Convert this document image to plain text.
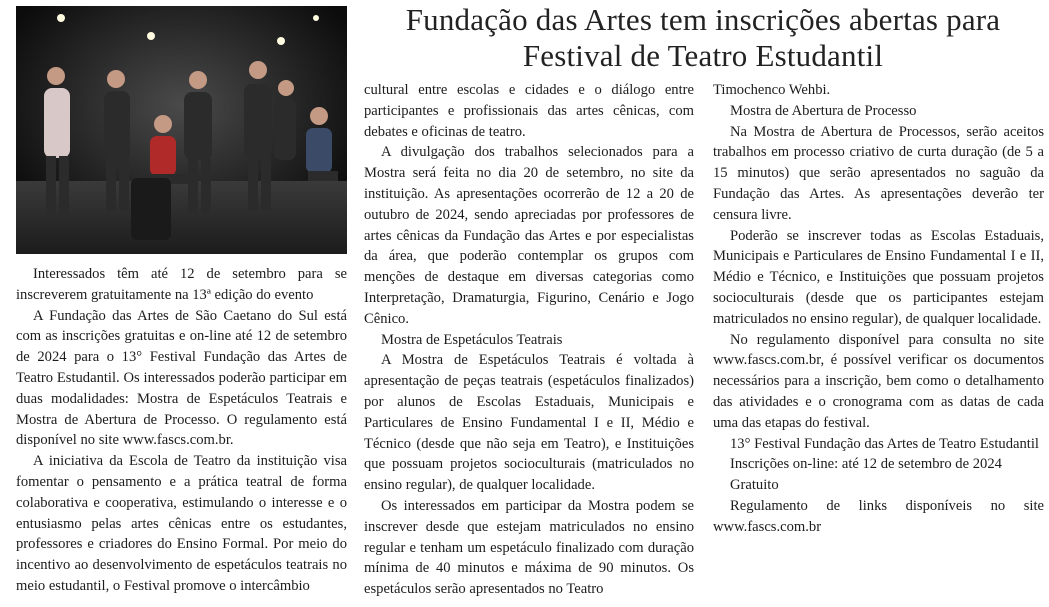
Fundação das Artes tem inscrições abertas para Festival de Teatro Estudantil

Interessados têm até 12 de setembro para se inscreverem gratuitamente na 13ª edição do evento

A Fundação das Artes de São Caetano do Sul está com as inscrições gratuitas e on-line até 12 de setembro de 2024 para o 13° Festival Fundação das Artes de Teatro Estudantil. Os interessados poderão participar em duas modalidades: Mostra de Espetáculos Teatrais e Mostra de Abertura de Processo. O regulamento está disponível no site www.fascs.com.br.

A iniciativa da Escola de Teatro da instituição visa fomentar o pensamento e a prática teatral de forma colaborativa e cooperativa, estimulando o interesse e o entusiasmo pelas artes cênicas entre os estudantes, professores e criadores do Ensino Formal. Por meio do incentivo ao desenvolvimento de espetáculos teatrais no meio estudantil, o Festival promove o intercâmbio

cultural entre escolas e cidades e o diálogo entre participantes e profissionais das artes cênicas, com debates e oficinas de teatro.

A divulgação dos trabalhos selecionados para a Mostra será feita no dia 20 de setembro, no site da instituição. As apresentações ocorrerão de 12 a 20 de outubro de 2024, sendo apreciadas por professores de artes cênicas da Fundação das Artes e por especialistas da área, que poderão contemplar os grupos com menções de destaque em diversas categorias como Interpretação, Dramaturgia, Figurino, Cenário e Jogo Cênico.

Mostra de Espetáculos Teatrais

A Mostra de Espetáculos Teatrais é voltada à apresentação de peças teatrais (espetáculos finalizados) por alunos de Escolas Estaduais, Municipais e Particulares de Ensino Fundamental I e II, Médio e Técnico (desde que não seja em Teatro), e Instituições que possuam projetos socioculturais (matriculados no ensino regular), de qualquer localidade.

Os interessados em participar da Mostra podem se inscrever desde que estejam matriculados no ensino regular e tenham um espetáculo finalizado com duração mínima de 40 minutos e máxima de 90 minutos. Os espetáculos serão apresentados no Teatro

Timochenco Wehbi.

Mostra de Abertura de Processo

Na Mostra de Abertura de Processos, serão aceitos trabalhos em processo criativo de curta duração (de 5 a 15 minutos) que serão apresentados no saguão da Fundação das Artes. As apresentações deverão ter censura livre.

Poderão se inscrever todas as Escolas Estaduais, Municipais e Particulares de Ensino Fundamental I e II, Médio e Técnico, e Instituições que possuam projetos socioculturais (desde que os participantes estejam matriculados no ensino regular), de qualquer localidade.

No regulamento disponível para consulta no site www.fascs.com.br, é possível verificar os documentos necessários para a inscrição, bem como o detalhamento das atividades e o cronograma com as datas de cada uma das etapas do festival.

13° Festival Fundação das Artes de Teatro Estudantil

Inscrições on-line: até 12 de setembro de 2024

Gratuito

Regulamento de links disponíveis no site www.fascs.com.br
